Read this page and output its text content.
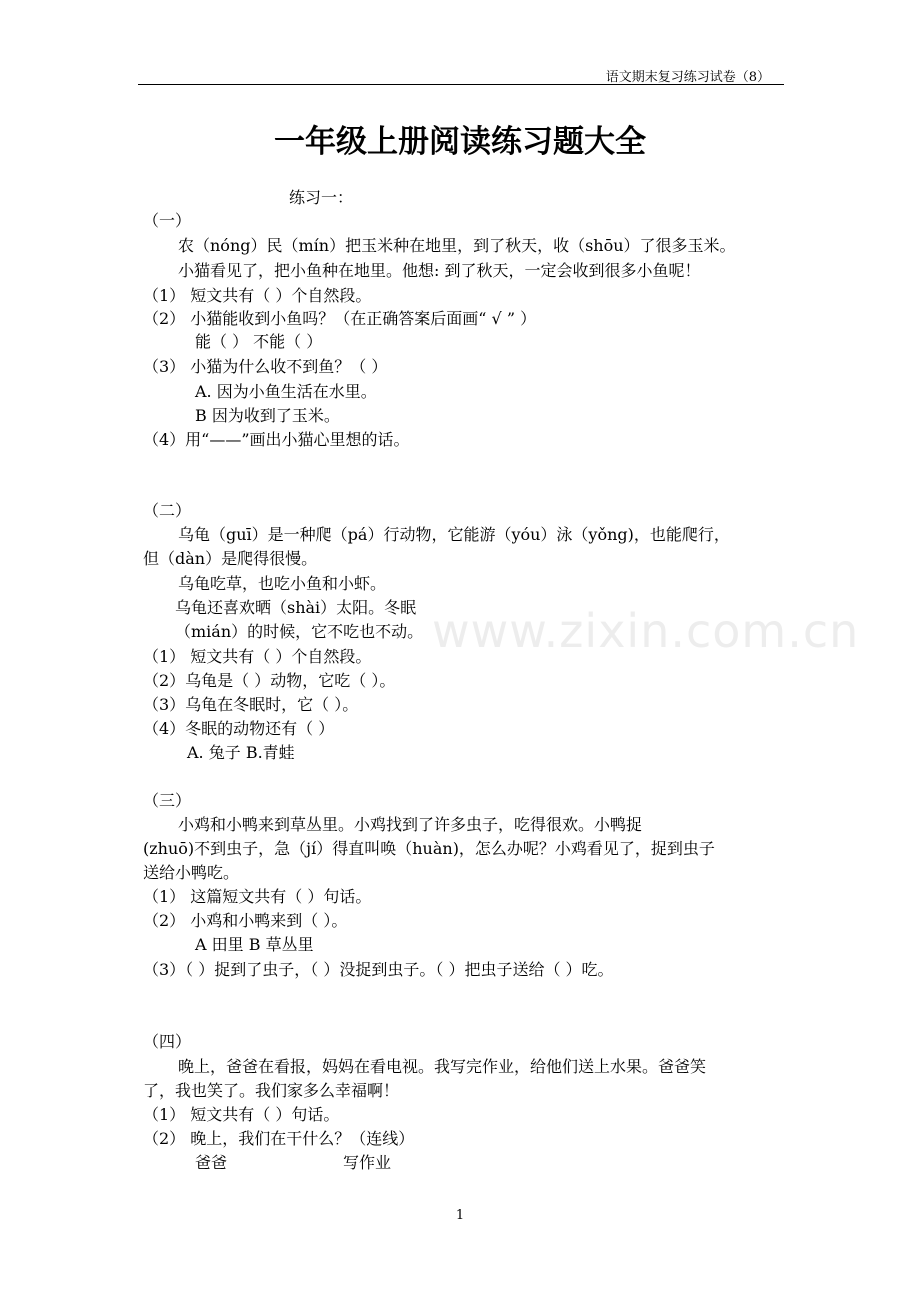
语文期末复习练习试卷（8）
一年级上册阅读练习题大全
www.zixin.com.cn
练习一：
（一）
农（nóng）民（mín）把玉米种在地里，到了秋天，收（shōu）了很多玉米。
小猫看见了，把小鱼种在地里。他想: 到了秋天，一定会收到很多小鱼呢！
（1） 短文共有（ ）个自然段。
（2） 小猫能收到小鱼吗？（在正确答案后面画“ √ ” ）
能（ ） 不能（ ）
（3） 小猫为什么收不到鱼？（ ）
A. 因为小鱼生活在水里。
B 因为收到了玉米。
（4）用“——”画出小猫心里想的话。
（二）
乌龟（guī）是一种爬（pá）行动物，它能游（yóu）泳（yǒng)，也能爬行，
但（dàn）是爬得很慢。
乌龟吃草，也吃小鱼和小虾。
乌龟还喜欢晒（shài）太阳。冬眠
（mián）的时候，它不吃也不动。
（1） 短文共有（ ）个自然段。
（2）乌龟是（ ）动物，它吃（ ）。
（3）乌龟在冬眠时，它（ ）。
（4）冬眠的动物还有（ ）
A. 兔子 B.青蛙
（三）
小鸡和小鸭来到草丛里。小鸡找到了许多虫子，吃得很欢。小鸭捉
(zhuō)不到虫子，急（jí）得直叫唤（huàn)，怎么办呢？小鸡看见了，捉到虫子
送给小鸭吃。
（1） 这篇短文共有（ ）句话。
（2） 小鸡和小鸭来到（ ）。
A 田里 B 草丛里
（3）（ ）捉到了虫子，（ ）没捉到虫子。（ ）把虫子送给（ ）吃。
（四）
晚上，爸爸在看报，妈妈在看电视。我写完作业，给他们送上水果。爸爸笑
了，我也笑了。我们家多么幸福啊！
（1） 短文共有（ ）句话。
（2） 晚上，我们在干什么？（连线）
爸爸	写作业
1
